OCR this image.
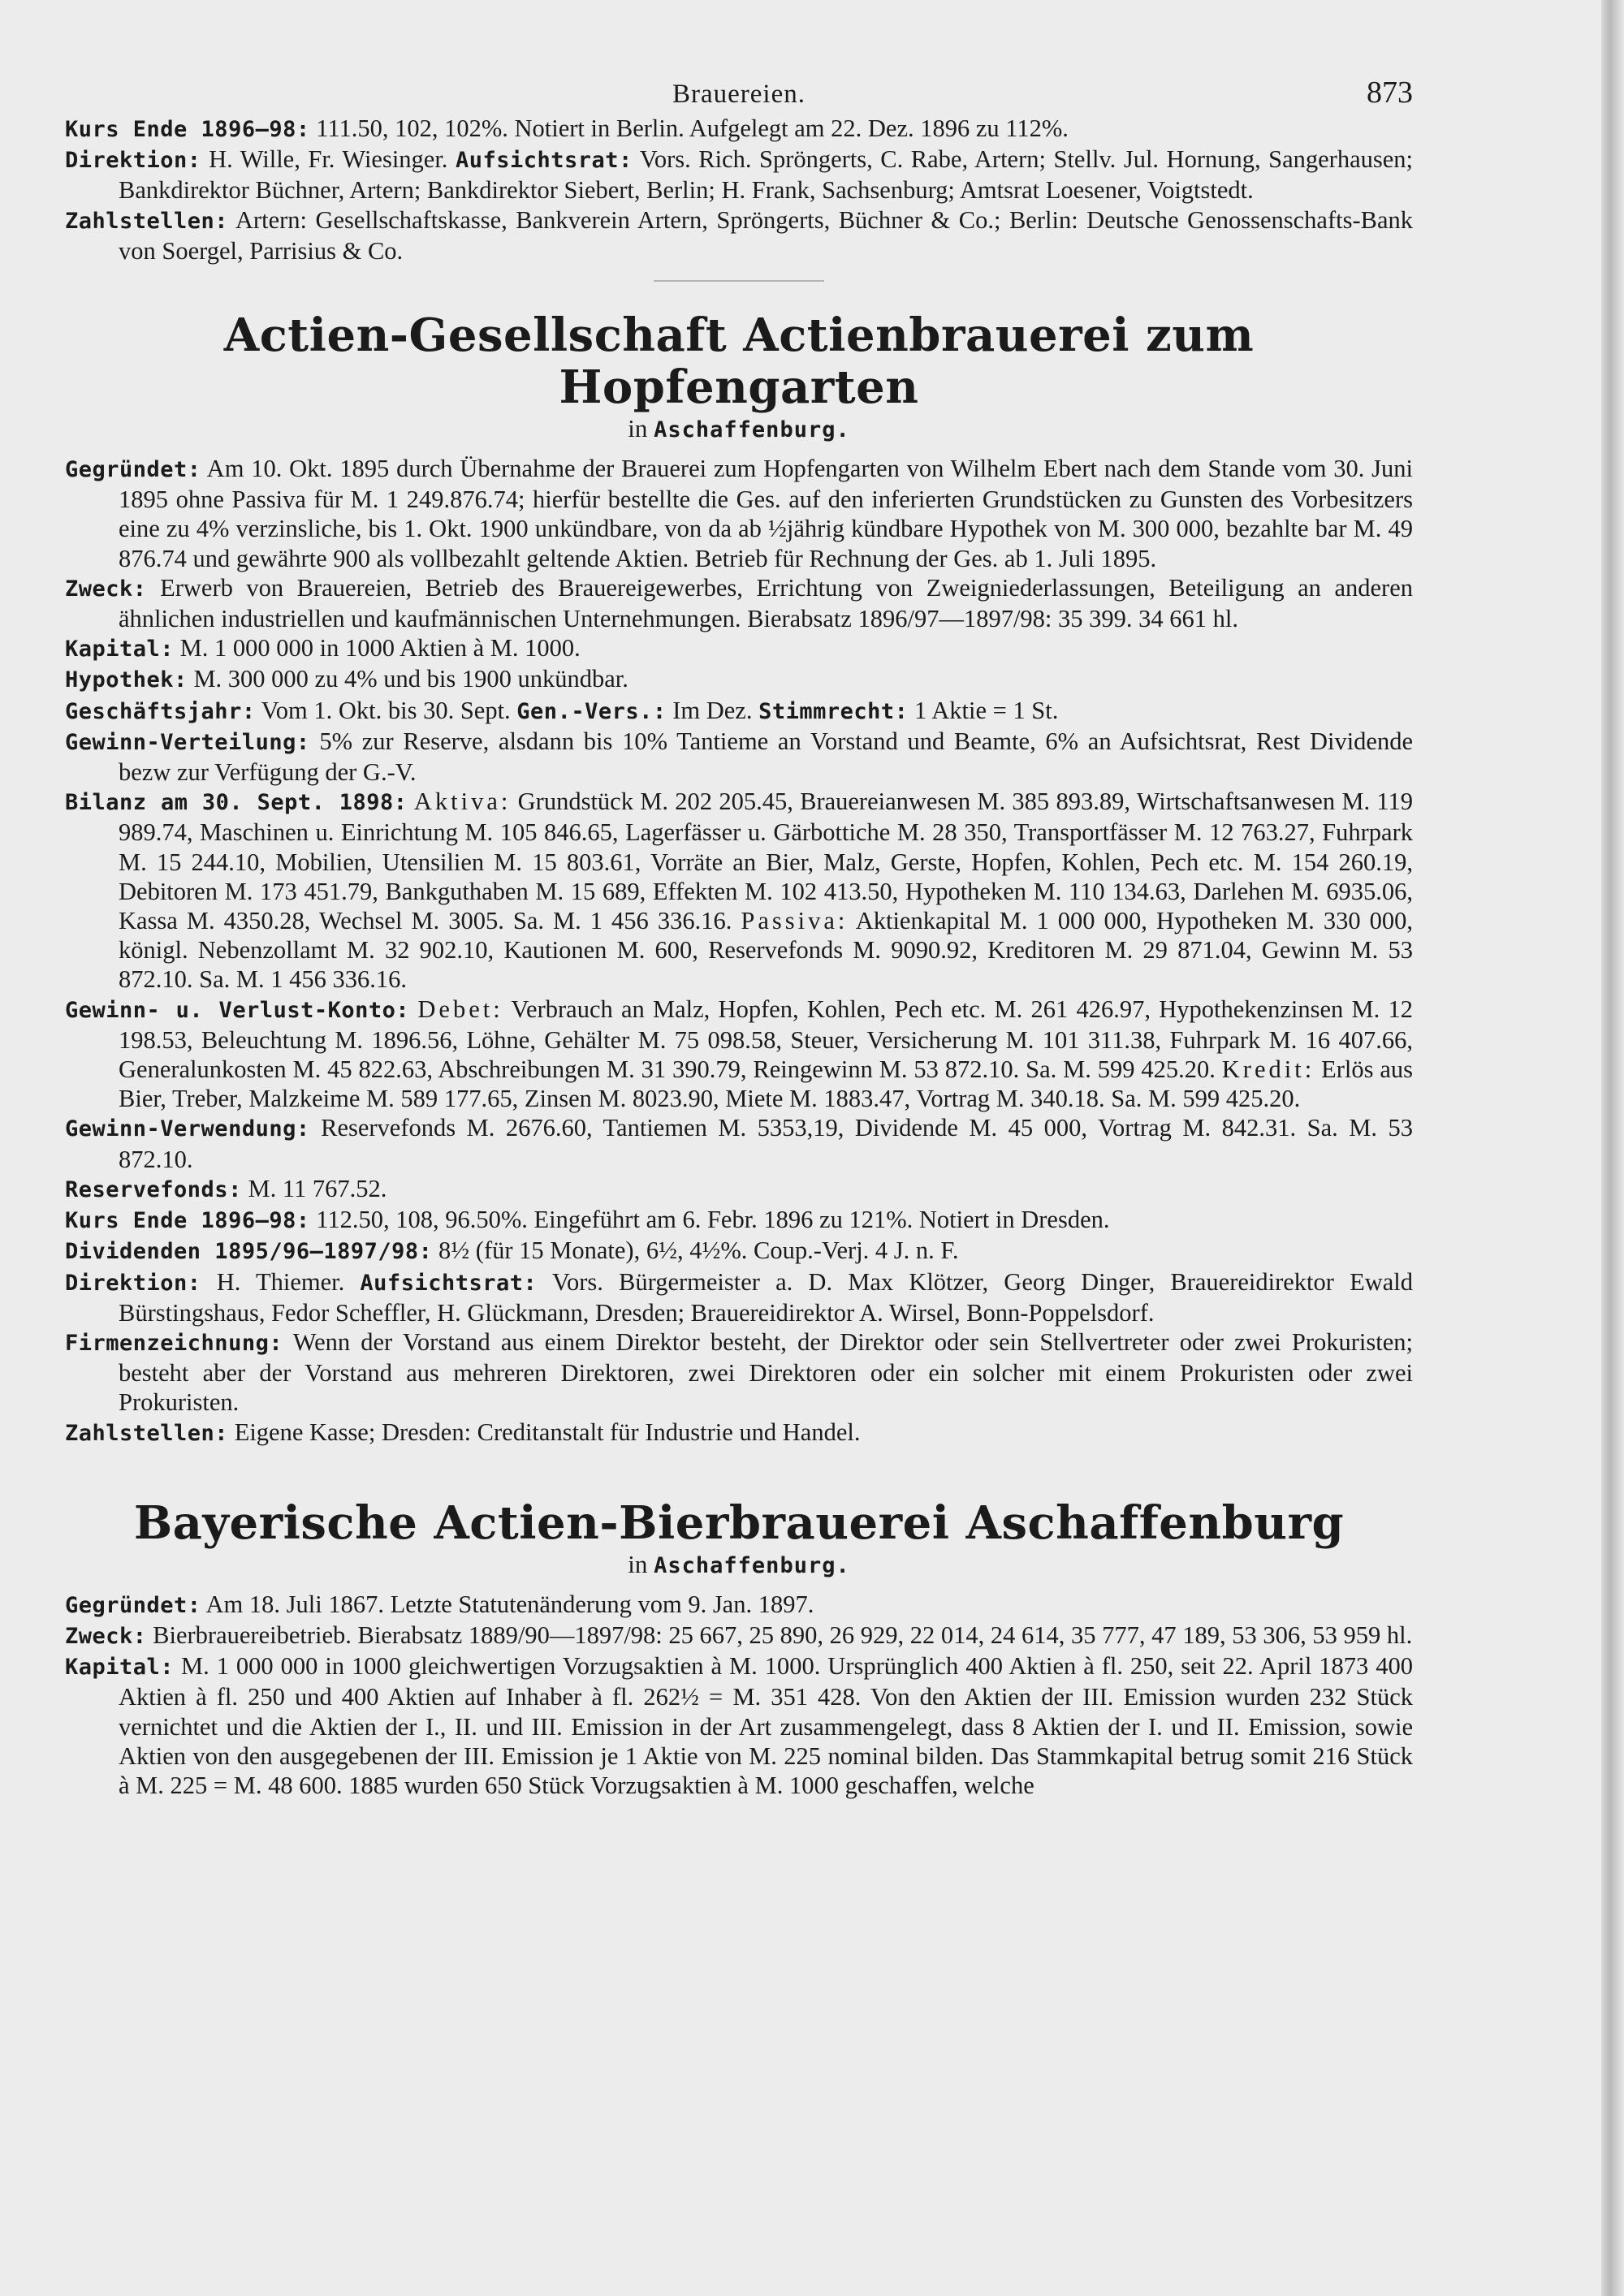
Brauereien.	873

Kurs Ende 1896—98: 111.50, 102, 102%. Notiert in Berlin. Aufgelegt am 22. Dez. 1896 zu 112%.

Direktion: H. Wille, Fr. Wiesinger. Aufsichtsrat: Vors. Rich. Spröngerts, C. Rabe, Artern; Stellv. Jul. Hornung, Sangerhausen; Bankdirektor Büchner, Artern; Bankdirektor Siebert, Berlin; H. Frank, Sachsenburg; Amtsrat Loesener, Voigtstedt.

Zahlstellen: Artern: Gesellschaftskasse, Bankverein Artern, Spröngerts, Büchner & Co.; Berlin: Deutsche Genossenschafts-Bank von Soergel, Parrisius & Co.

Actien-Gesellschaft Actienbrauerei zum Hopfengarten
in Aschaffenburg.

Gegründet: Am 10. Okt. 1895 durch Übernahme der Brauerei zum Hopfengarten von Wilhelm Ebert nach dem Stande vom 30. Juni 1895 ohne Passiva für M. 1 249.876.74; hierfür bestellte die Ges. auf den inferierten Grundstücken zu Gunsten des Vorbesitzers eine zu 4% verzinsliche, bis 1. Okt. 1900 unkündbare, von da ab ½jährig kündbare Hypothek von M. 300 000, bezahlte bar M. 49 876.74 und gewährte 900 als vollbezahlt geltende Aktien. Betrieb für Rechnung der Ges. ab 1. Juli 1895.

Zweck: Erwerb von Brauereien, Betrieb des Brauereigewerbes, Errichtung von Zweigniederlassungen, Beteiligung an anderen ähnlichen industriellen und kaufmännischen Unternehmungen. Bierabsatz 1896/97—1897/98: 35 399. 34 661 hl.

Kapital: M. 1 000 000 in 1000 Aktien à M. 1000.

Hypothek: M. 300 000 zu 4% und bis 1900 unkündbar.

Geschäftsjahr: Vom 1. Okt. bis 30. Sept. Gen.-Vers.: Im Dez. Stimmrecht: 1 Aktie = 1 St.

Gewinn-Verteilung: 5% zur Reserve, alsdann bis 10% Tantieme an Vorstand und Beamte, 6% an Aufsichtsrat, Rest Dividende bezw zur Verfügung der G.-V.

Bilanz am 30. Sept. 1898: Aktiva: Grundstück M. 202 205.45, Brauereianwesen M. 385 893.89, Wirtschaftsanwesen M. 119 989.74, Maschinen u. Einrichtung M. 105 846.65, Lagerfässer u. Gärbottiche M. 28 350, Transportfässer M. 12 763.27, Fuhrpark M. 15 244.10, Mobilien, Utensilien M. 15 803.61, Vorräte an Bier, Malz, Gerste, Hopfen, Kohlen, Pech etc. M. 154 260.19, Debitoren M. 173 451.79, Bankguthaben M. 15 689, Effekten M. 102 413.50, Hypotheken M. 110 134.63, Darlehen M. 6935.06, Kassa M. 4350.28, Wechsel M. 3005. Sa. M. 1 456 336.16. Passiva: Aktienkapital M. 1 000 000, Hypotheken M. 330 000, königl. Nebenzollamt M. 32 902.10, Kautionen M. 600, Reservefonds M. 9090.92, Kreditoren M. 29 871.04, Gewinn M. 53 872.10. Sa. M. 1 456 336.16.

Gewinn- u. Verlust-Konto: Debet: Verbrauch an Malz, Hopfen, Kohlen, Pech etc. M. 261 426.97, Hypothekenzinsen M. 12 198.53, Beleuchtung M. 1896.56, Löhne, Gehälter M. 75 098.58, Steuer, Versicherung M. 101 311.38, Fuhrpark M. 16 407.66, Generalunkosten M. 45 822.63, Abschreibungen M. 31 390.79, Reingewinn M. 53 872.10. Sa. M. 599 425.20. Kredit: Erlös aus Bier, Treber, Malzkeime M. 589 177.65, Zinsen M. 8023.90, Miete M. 1883.47, Vortrag M. 340.18. Sa. M. 599 425.20.

Gewinn-Verwendung: Reservefonds M. 2676.60, Tantiemen M. 5353,19, Dividende M. 45 000, Vortrag M. 842.31. Sa. M. 53 872.10.

Reservefonds: M. 11 767.52.

Kurs Ende 1896—98: 112.50, 108, 96.50%. Eingeführt am 6. Febr. 1896 zu 121%. Notiert in Dresden.

Dividenden 1895/96—1897/98: 8½ (für 15 Monate), 6½, 4½%. Coup.-Verj. 4 J. n. F.

Direktion: H. Thiemer. Aufsichtsrat: Vors. Bürgermeister a. D. Max Klötzer, Georg Dinger, Brauereidirektor Ewald Bürstingshaus, Fedor Scheffler, H. Glückmann, Dresden; Brauereidirektor A. Wirsel, Bonn-Poppelsdorf.

Firmenzeichnung: Wenn der Vorstand aus einem Direktor besteht, der Direktor oder sein Stellvertreter oder zwei Prokuristen; besteht aber der Vorstand aus mehreren Direktoren, zwei Direktoren oder ein solcher mit einem Prokuristen oder zwei Prokuristen.

Zahlstellen: Eigene Kasse; Dresden: Creditanstalt für Industrie und Handel.

Bayerische Actien-Bierbrauerei Aschaffenburg
in Aschaffenburg.

Gegründet: Am 18. Juli 1867. Letzte Statutenänderung vom 9. Jan. 1897.

Zweck: Bierbrauereibetrieb. Bierabsatz 1889/90—1897/98: 25 667, 25 890, 26 929, 22 014, 24 614, 35 777, 47 189, 53 306, 53 959 hl.

Kapital: M. 1 000 000 in 1000 gleichwertigen Vorzugsaktien à M. 1000. Ursprünglich 400 Aktien à fl. 250, seit 22. April 1873 400 Aktien à fl. 250 und 400 Aktien auf Inhaber à fl. 262½ = M. 351 428. Von den Aktien der III. Emission wurden 232 Stück vernichtet und die Aktien der I., II. und III. Emission in der Art zusammengelegt, dass 8 Aktien der I. und II. Emission, sowie Aktien von den ausgegebenen der III. Emission je 1 Aktie von M. 225 nominal bilden. Das Stammkapital betrug somit 216 Stück à M. 225 = M. 48 600. 1885 wurden 650 Stück Vorzugsaktien à M. 1000 geschaffen, welche
